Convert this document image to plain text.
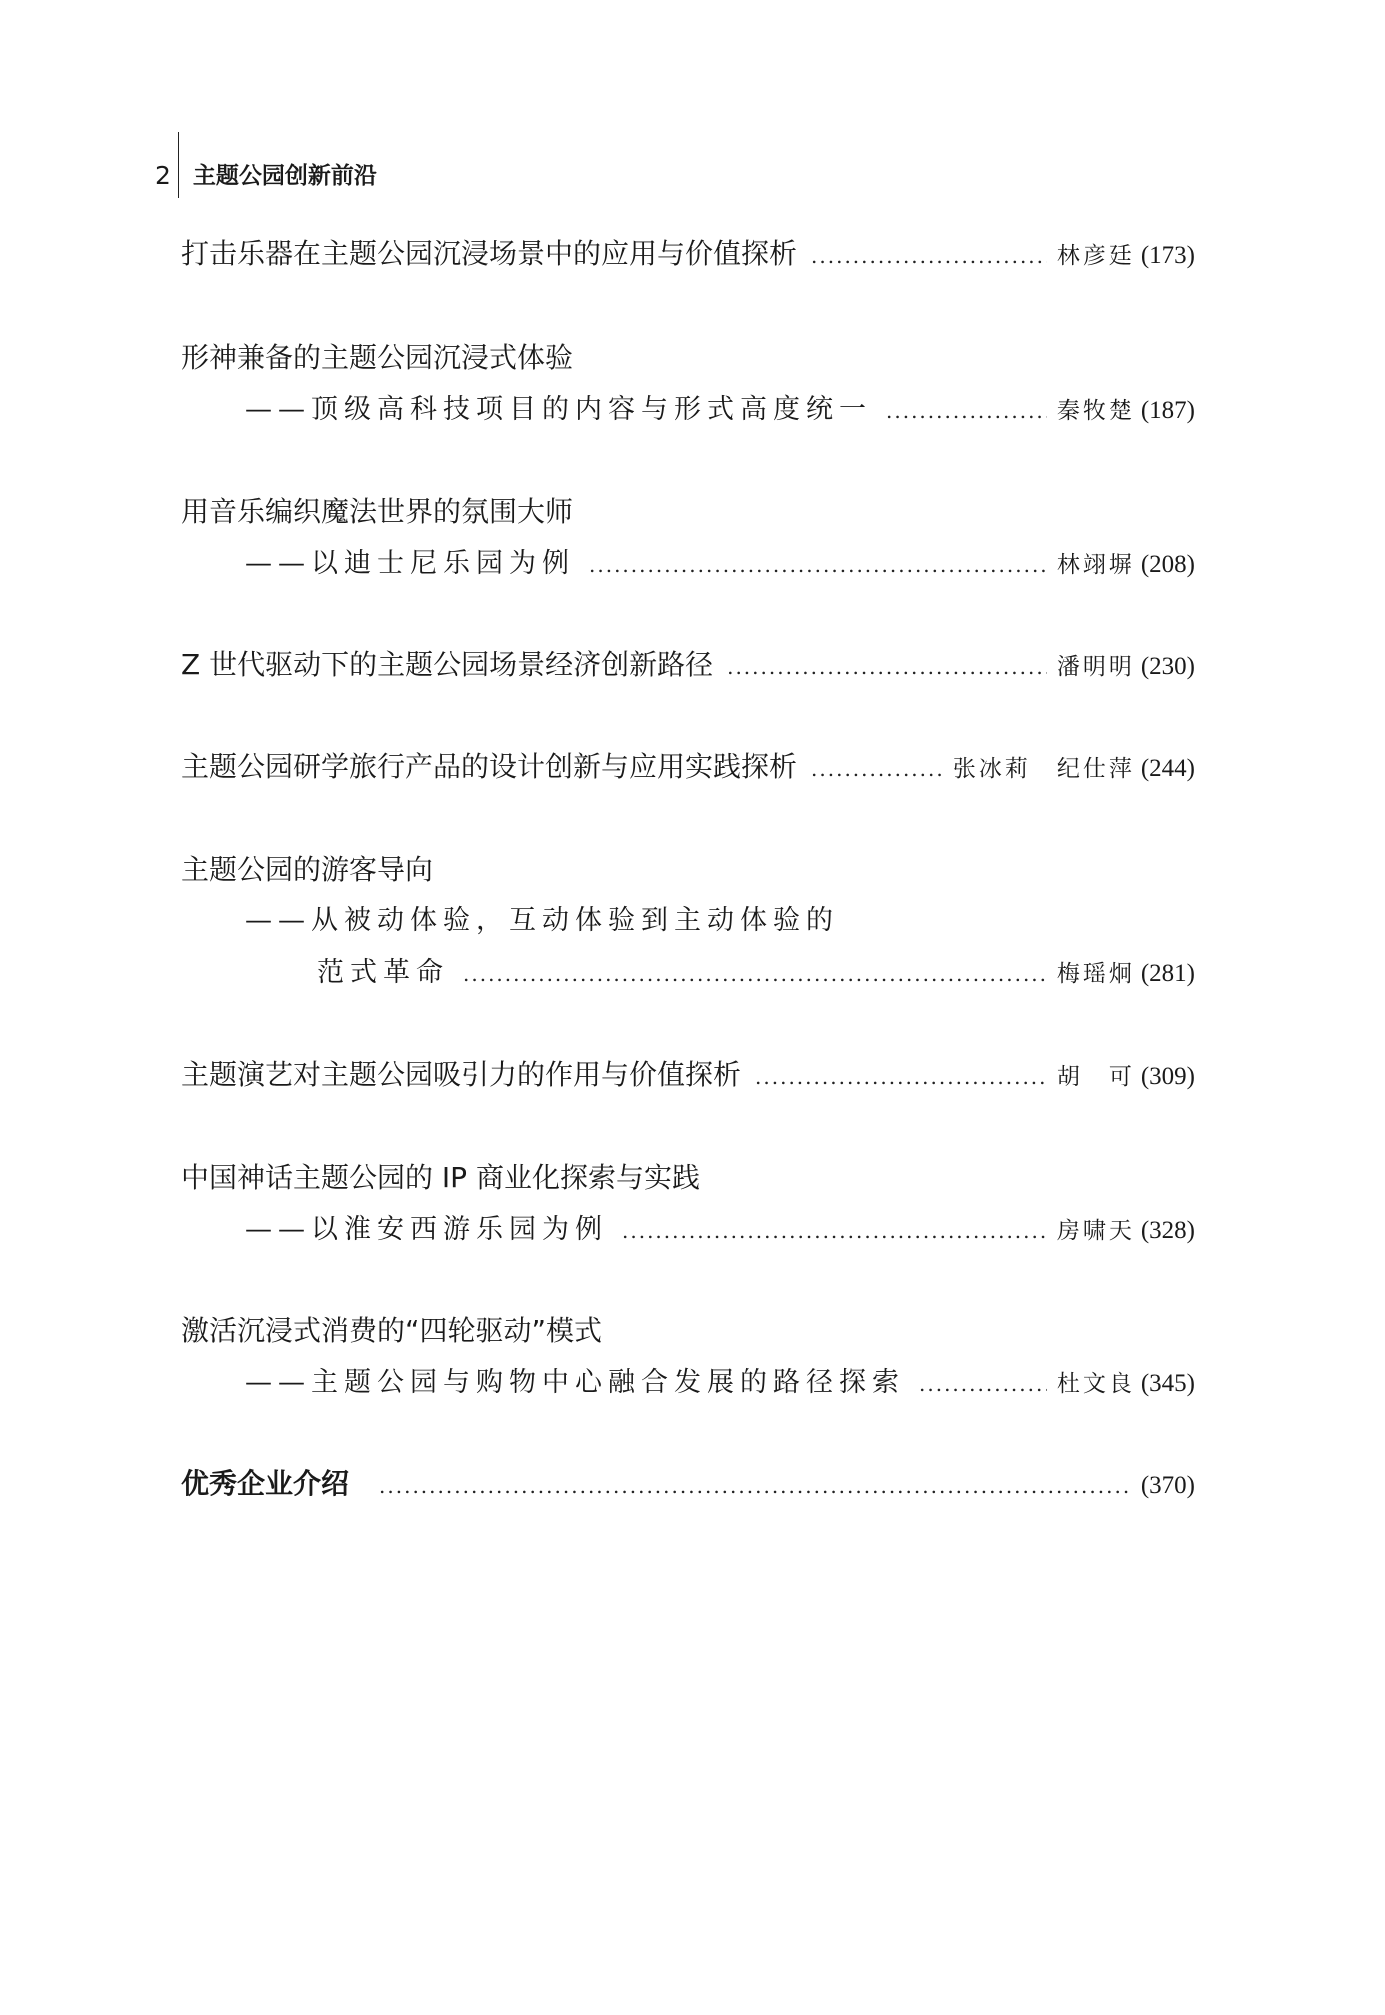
2 主题公园创新前沿
打击乐器在主题公园沉浸场景中的应用与价值探析 .....	林彦廷 (173)
形神兼备的主题公园沉浸式体验
——顶级高科技项目的内容与形式高度统一 .....	秦牧楚 (187)
用音乐编织魔法世界的氛围大师
——以迪士尼乐园为例 .....	林翊塀 (208)
Z 世代驱动下的主题公园场景经济创新路径 .....	潘明明 (230)
主题公园研学旅行产品的设计创新与应用实践探析 .....	张冰莉　纪仕萍 (244)
主题公园的游客导向
——从被动体验，互动体验到主动体验的
范式革命 .....	梅瑶炯 (281)
主题演艺对主题公园吸引力的作用与价值探析 .....	胡　可 (309)
中国神话主题公园的 IP 商业化探索与实践
——以淮安西游乐园为例 .....	房啸天 (328)
激活沉浸式消费的“四轮驱动”模式
——主题公园与购物中心融合发展的路径探索 .....	杜文良 (345)
优秀企业介绍 .....	(370)
